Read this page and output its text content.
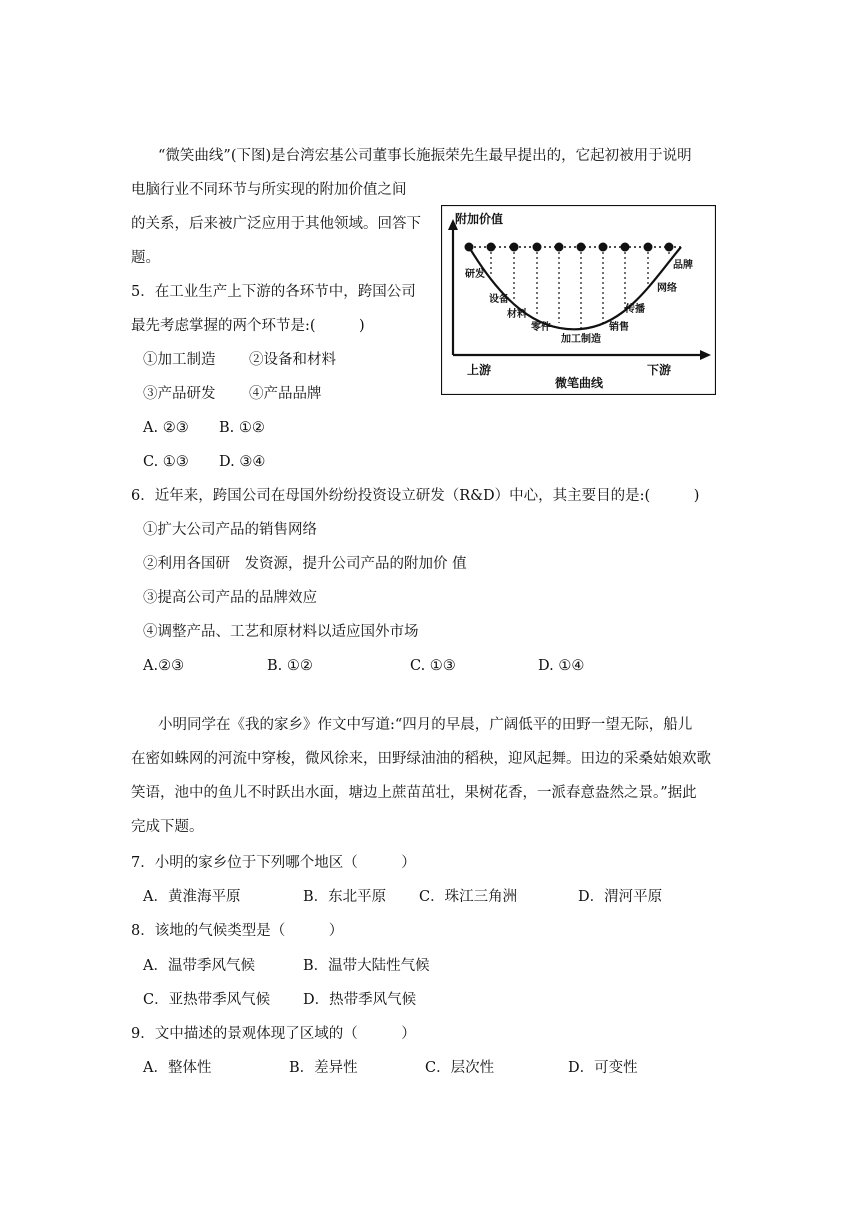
“微笑曲线”(下图)是台湾宏基公司董事长施振荣先生最早提出的，它起初被用于说明
电脑行业不同环节与所实现的附加价值之间
的关系，后来被广泛应用于其他领域。回答下
题。
附加价值
研发
设备
材料
零件
加工制造
销售
传播
网络
品牌
上游	下游
微笔曲线
5．在工业生产上下游的各环节中，跨国公司
最先考虑掌握的两个环节是:(　　　)
①加工制造 ②设备和材料
③产品研发 ④产品品牌
A. ②③ B. ①②
C. ①③ D. ③④
6．近年来，跨国公司在母国外纷纷投资设立研发（R&D）中心，其主要目的是:(　　　)
①扩大公司产品的销售网络
②利用各国研　发资源，提升公司产品的附加价 值
③提高公司产品的品牌效应
④调整产品、工艺和原材料以适应国外市场
A.②③	B. ①②	C. ①③	D. ①④
小明同学在《我的家乡》作文中写道:“四月的早晨，广阔低平的田野一望无际，船儿
在密如蛛网的河流中穿梭，微风徐来，田野绿油油的稻秧，迎风起舞。田边的采桑姑娘欢歌
笑语，池中的鱼儿不时跃出水面，塘边上蔗苗茁壮，果树花香，一派春意盎然之景。”据此
完成下题。
7．小明的家乡位于下列哪个地区（　　　）
A．黄淮海平原	B．东北平原 C．珠江三角洲	D．渭河平原
8．该地的气候类型是（　　　）
A．温带季风气候	B．温带大陆性气候
C．亚热带季风气候 D．热带季风气候
9．文中描述的景观体现了区域的（　　　）
A．整体性	B．差异性	C．层次性	D．可变性
